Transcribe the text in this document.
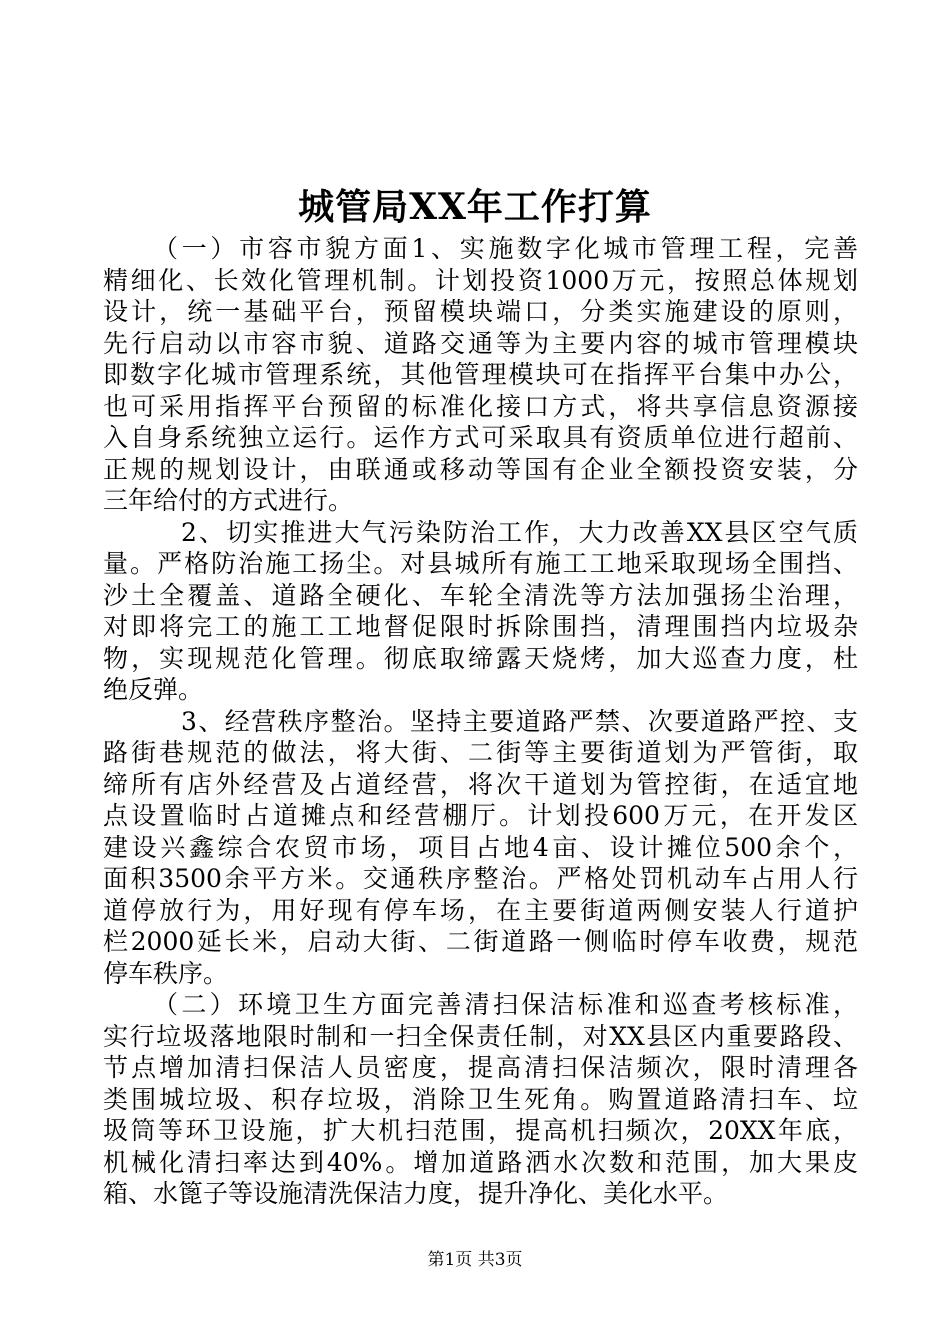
城管局XX年工作打算
（一）市容市貌方面1、实施数字化城市管理工程，完善
精细化、长效化管理机制。计划投资1000万元，按照总体规划
设计，统一基础平台，预留模块端口，分类实施建设的原则，
先行启动以市容市貌、道路交通等为主要内容的城市管理模块
即数字化城市管理系统，其他管理模块可在指挥平台集中办公，
也可采用指挥平台预留的标准化接口方式，将共享信息资源接
入自身系统独立运行。运作方式可采取具有资质单位进行超前、
正规的规划设计，由联通或移动等国有企业全额投资安装，分
三年给付的方式进行。
2、切实推进大气污染防治工作，大力改善XX县区空气质
量。严格防治施工扬尘。对县城所有施工工地采取现场全围挡、
沙土全覆盖、道路全硬化、车轮全清洗等方法加强扬尘治理，
对即将完工的施工工地督促限时拆除围挡，清理围挡内垃圾杂
物，实现规范化管理。彻底取缔露天烧烤，加大巡查力度，杜
绝反弹。
3、经营秩序整治。坚持主要道路严禁、次要道路严控、支
路街巷规范的做法，将大街、二街等主要街道划为严管街，取
缔所有店外经营及占道经营，将次干道划为管控街，在适宜地
点设置临时占道摊点和经营棚厅。计划投600万元，在开发区
建设兴鑫综合农贸市场，项目占地4亩、设计摊位500余个，
面积3500余平方米。交通秩序整治。严格处罚机动车占用人行
道停放行为，用好现有停车场，在主要街道两侧安装人行道护
栏2000延长米，启动大街、二街道路一侧临时停车收费，规范
停车秩序。
（二）环境卫生方面完善清扫保洁标准和巡查考核标准，
实行垃圾落地限时制和一扫全保责任制，对XX县区内重要路段、
节点增加清扫保洁人员密度，提高清扫保洁频次，限时清理各
类围城垃圾、积存垃圾，消除卫生死角。购置道路清扫车、垃
圾筒等环卫设施，扩大机扫范围，提高机扫频次，20XX年底，
机械化清扫率达到40%。增加道路洒水次数和范围，加大果皮
箱、水篦子等设施清洗保洁力度，提升净化、美化水平。
第1页 共3页
